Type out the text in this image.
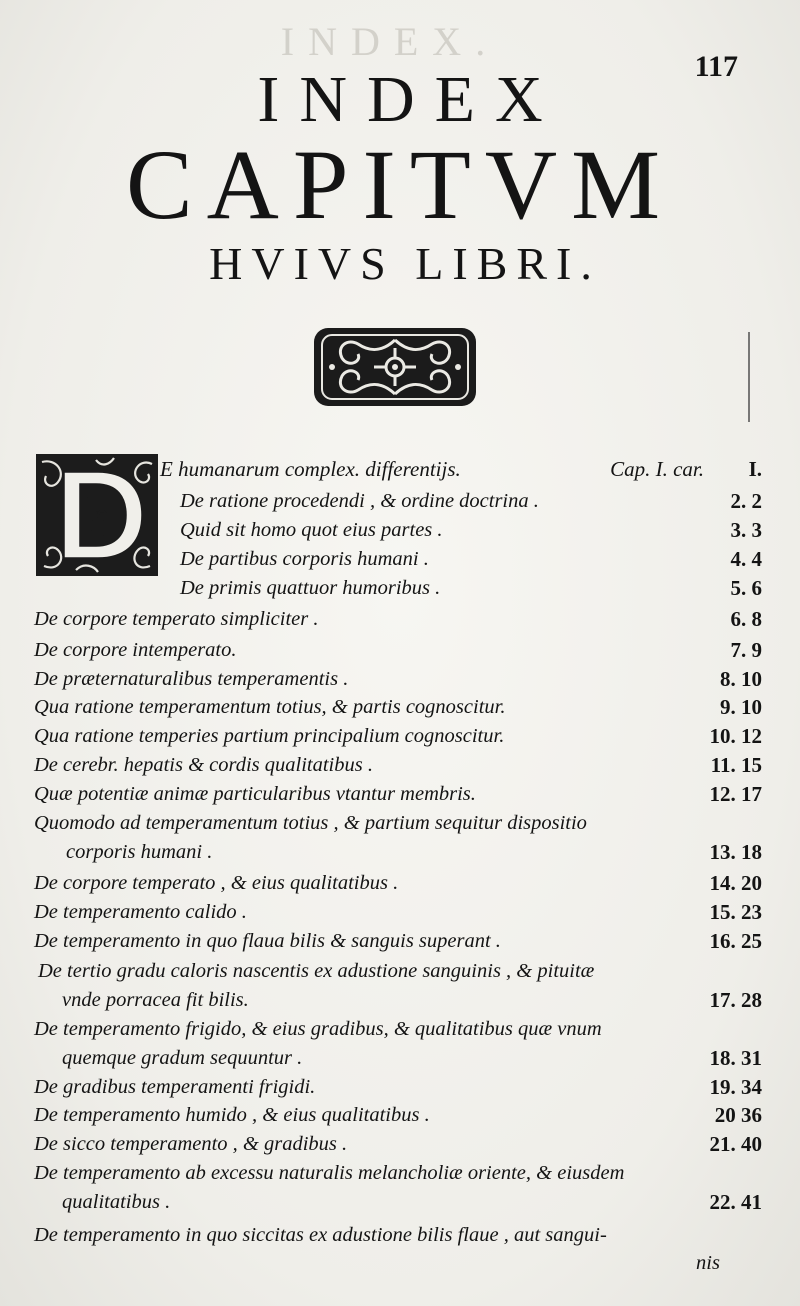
INDEX.
117
INDEX
CAPITVM
HVIVS LIBRI.
E humanarum complex. differentijs.	Cap. I. car.	I.
De ratione procedendi , & ordine doctrina .	2. 2
Quid sit homo quot eius partes .	3. 3
De partibus corporis humani .	4. 4
De primis quattuor humoribus .	5. 6
De corpore temperato simpliciter .	6. 8
De corpore intemperato.	7. 9
De præternaturalibus temperamentis .	8. 10
Qua ratione temperamentum totius, & partis cognoscitur.	9. 10
Qua ratione temperies partium principalium cognoscitur.	10. 12
De cerebr. hepatis & cordis qualitatibus .	11. 15
Quæ potentiæ animæ particularibus vtantur membris.	12. 17
Quomodo ad temperamentum totius , & partium sequitur dispositio
corporis humani .	13. 18
De corpore temperato , & eius qualitatibus .	14. 20
De temperamento calido .	15. 23
De temperamento in quo flaua bilis & sanguis superant .	16. 25
De tertio gradu caloris nascentis ex adustione sanguinis , & pituitæ
vnde porracea fit bilis.	17. 28
De temperamento frigido, & eius gradibus, & qualitatibus quæ vnum
quemque gradum sequuntur .	18. 31
De gradibus temperamenti frigidi.	19. 34
De temperamento humido , & eius qualitatibus .	20 36
De sicco temperamento , & gradibus .	21. 40
De temperamento ab excessu naturalis melancholiæ oriente, & eiusdem
qualitatibus .	22. 41
De temperamento in quo siccitas ex adustione bilis flaue , aut sangui-
nis
